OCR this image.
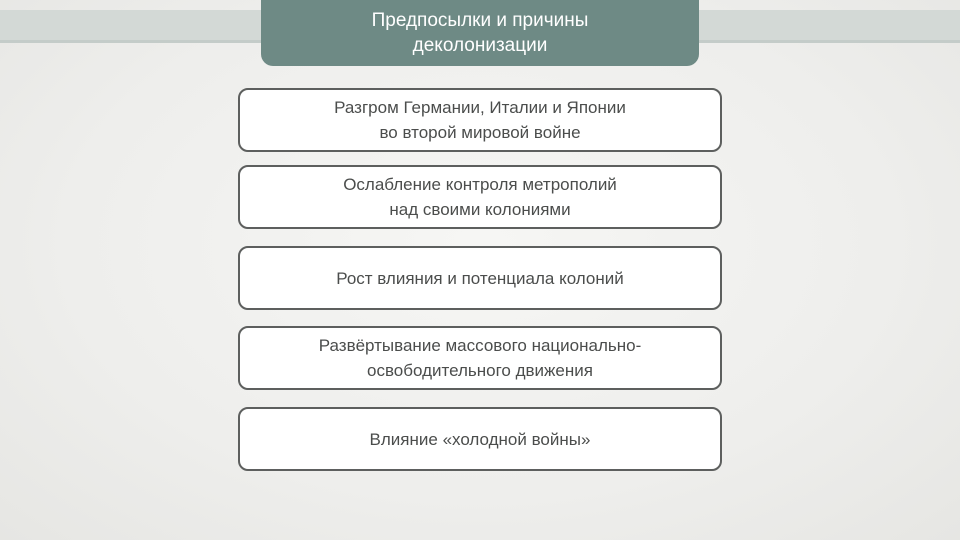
Предпосылки и причины
деколонизации
Разгром Германии, Италии и Японии
во второй мировой войне
Ослабление контроля метрополий
над своими колониями
Рост влияния и потенциала колоний
Развёртывание массового национально-
освободительного движения
Влияние «холодной войны»
